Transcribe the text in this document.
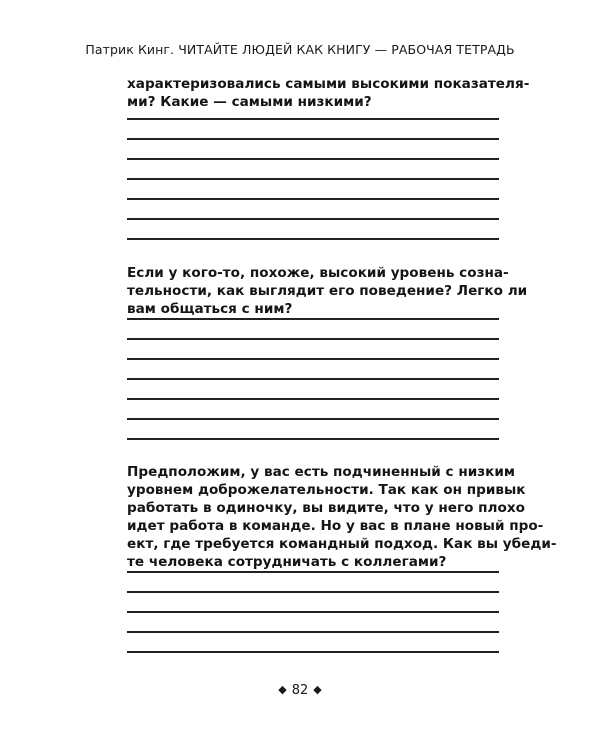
Патрик Кинг. ЧИТАЙТЕ ЛЮДЕЙ КАК КНИГУ — РАБОЧАЯ ТЕТРАДЬ
характеризовались самыми высокими показателя-
ми? Какие — самыми низкими?
Если у кого-то, похоже, высокий уровень созна-
тельности, как выглядит его поведение? Легко ли
вам общаться с ним?
Предположим, у вас есть подчиненный с низким
уровнем доброжелательности. Так как он привык
работать в одиночку, вы видите, что у него плохо
идет работа в команде. Но у вас в плане новый про-
ект, где требуется командный подход. Как вы убеди-
те человека сотрудничать с коллегами?
◆ 82 ◆
